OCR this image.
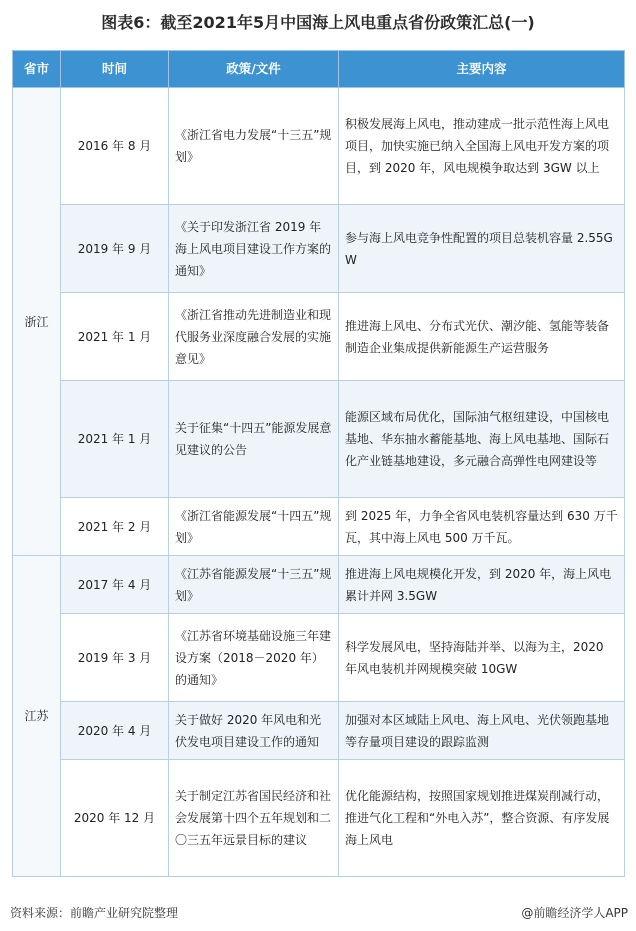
图表6：截至2021年5月中国海上风电重点省份政策汇总(一)
省市	时间	政策/文件	主要内容
浙江	2016 年 8 月	《浙江省电力发展“十三五”规划》	积极发展海上风电，推动建成一批示范性海上风电项目，加快实施已纳入全国海上风电开发方案的项目，到 2020 年，风电规模争取达到 3GW 以上
	2019 年 9 月	《关于印发浙江省 2019 年海上风电项目建设工作方案的通知》	参与海上风电竞争性配置的项目总装机容量 2.55GW
	2021 年 1 月	《浙江省推动先进制造业和现代服务业深度融合发展的实施意见》	推进海上风电、分布式光伏、潮汐能、氢能等装备制造企业集成提供新能源生产运营服务
	2021 年 1 月	关于征集“十四五”能源发展意见建议的公告	能源区域布局优化，国际油气枢纽建设，中国核电基地、华东抽水蓄能基地、海上风电基地、国际石化产业链基地建设，多元融合高弹性电网建设等
	2021 年 2 月	《浙江省能源发展“十四五”规划》	到 2025 年，力争全省风电装机容量达到 630 万千瓦，其中海上风电 500 万千瓦。
江苏	2017 年 4 月	《江苏省能源发展“十三五”规划》	推进海上风电规模化开发，到 2020 年，海上风电累计并网 3.5GW
	2019 年 3 月	《江苏省环境基础设施三年建设方案（2018－2020 年）的通知》	科学发展风电，坚持海陆并举、以海为主，2020 年风电装机并网规模突破 10GW
	2020 年 4 月	关于做好 2020 年风电和光伏发电项目建设工作的通知	加强对本区域陆上风电、海上风电、光伏领跑基地等存量项目建设的跟踪监测
	2020 年 12 月	关于制定江苏省国民经济和社会发展第十四个五年规划和二〇三五年远景目标的建议	优化能源结构，按照国家规划推进煤炭削减行动，推进气化工程和“外电入苏”，整合资源、有序发展海上风电
资料来源：前瞻产业研究院整理	@前瞻经济学人APP
